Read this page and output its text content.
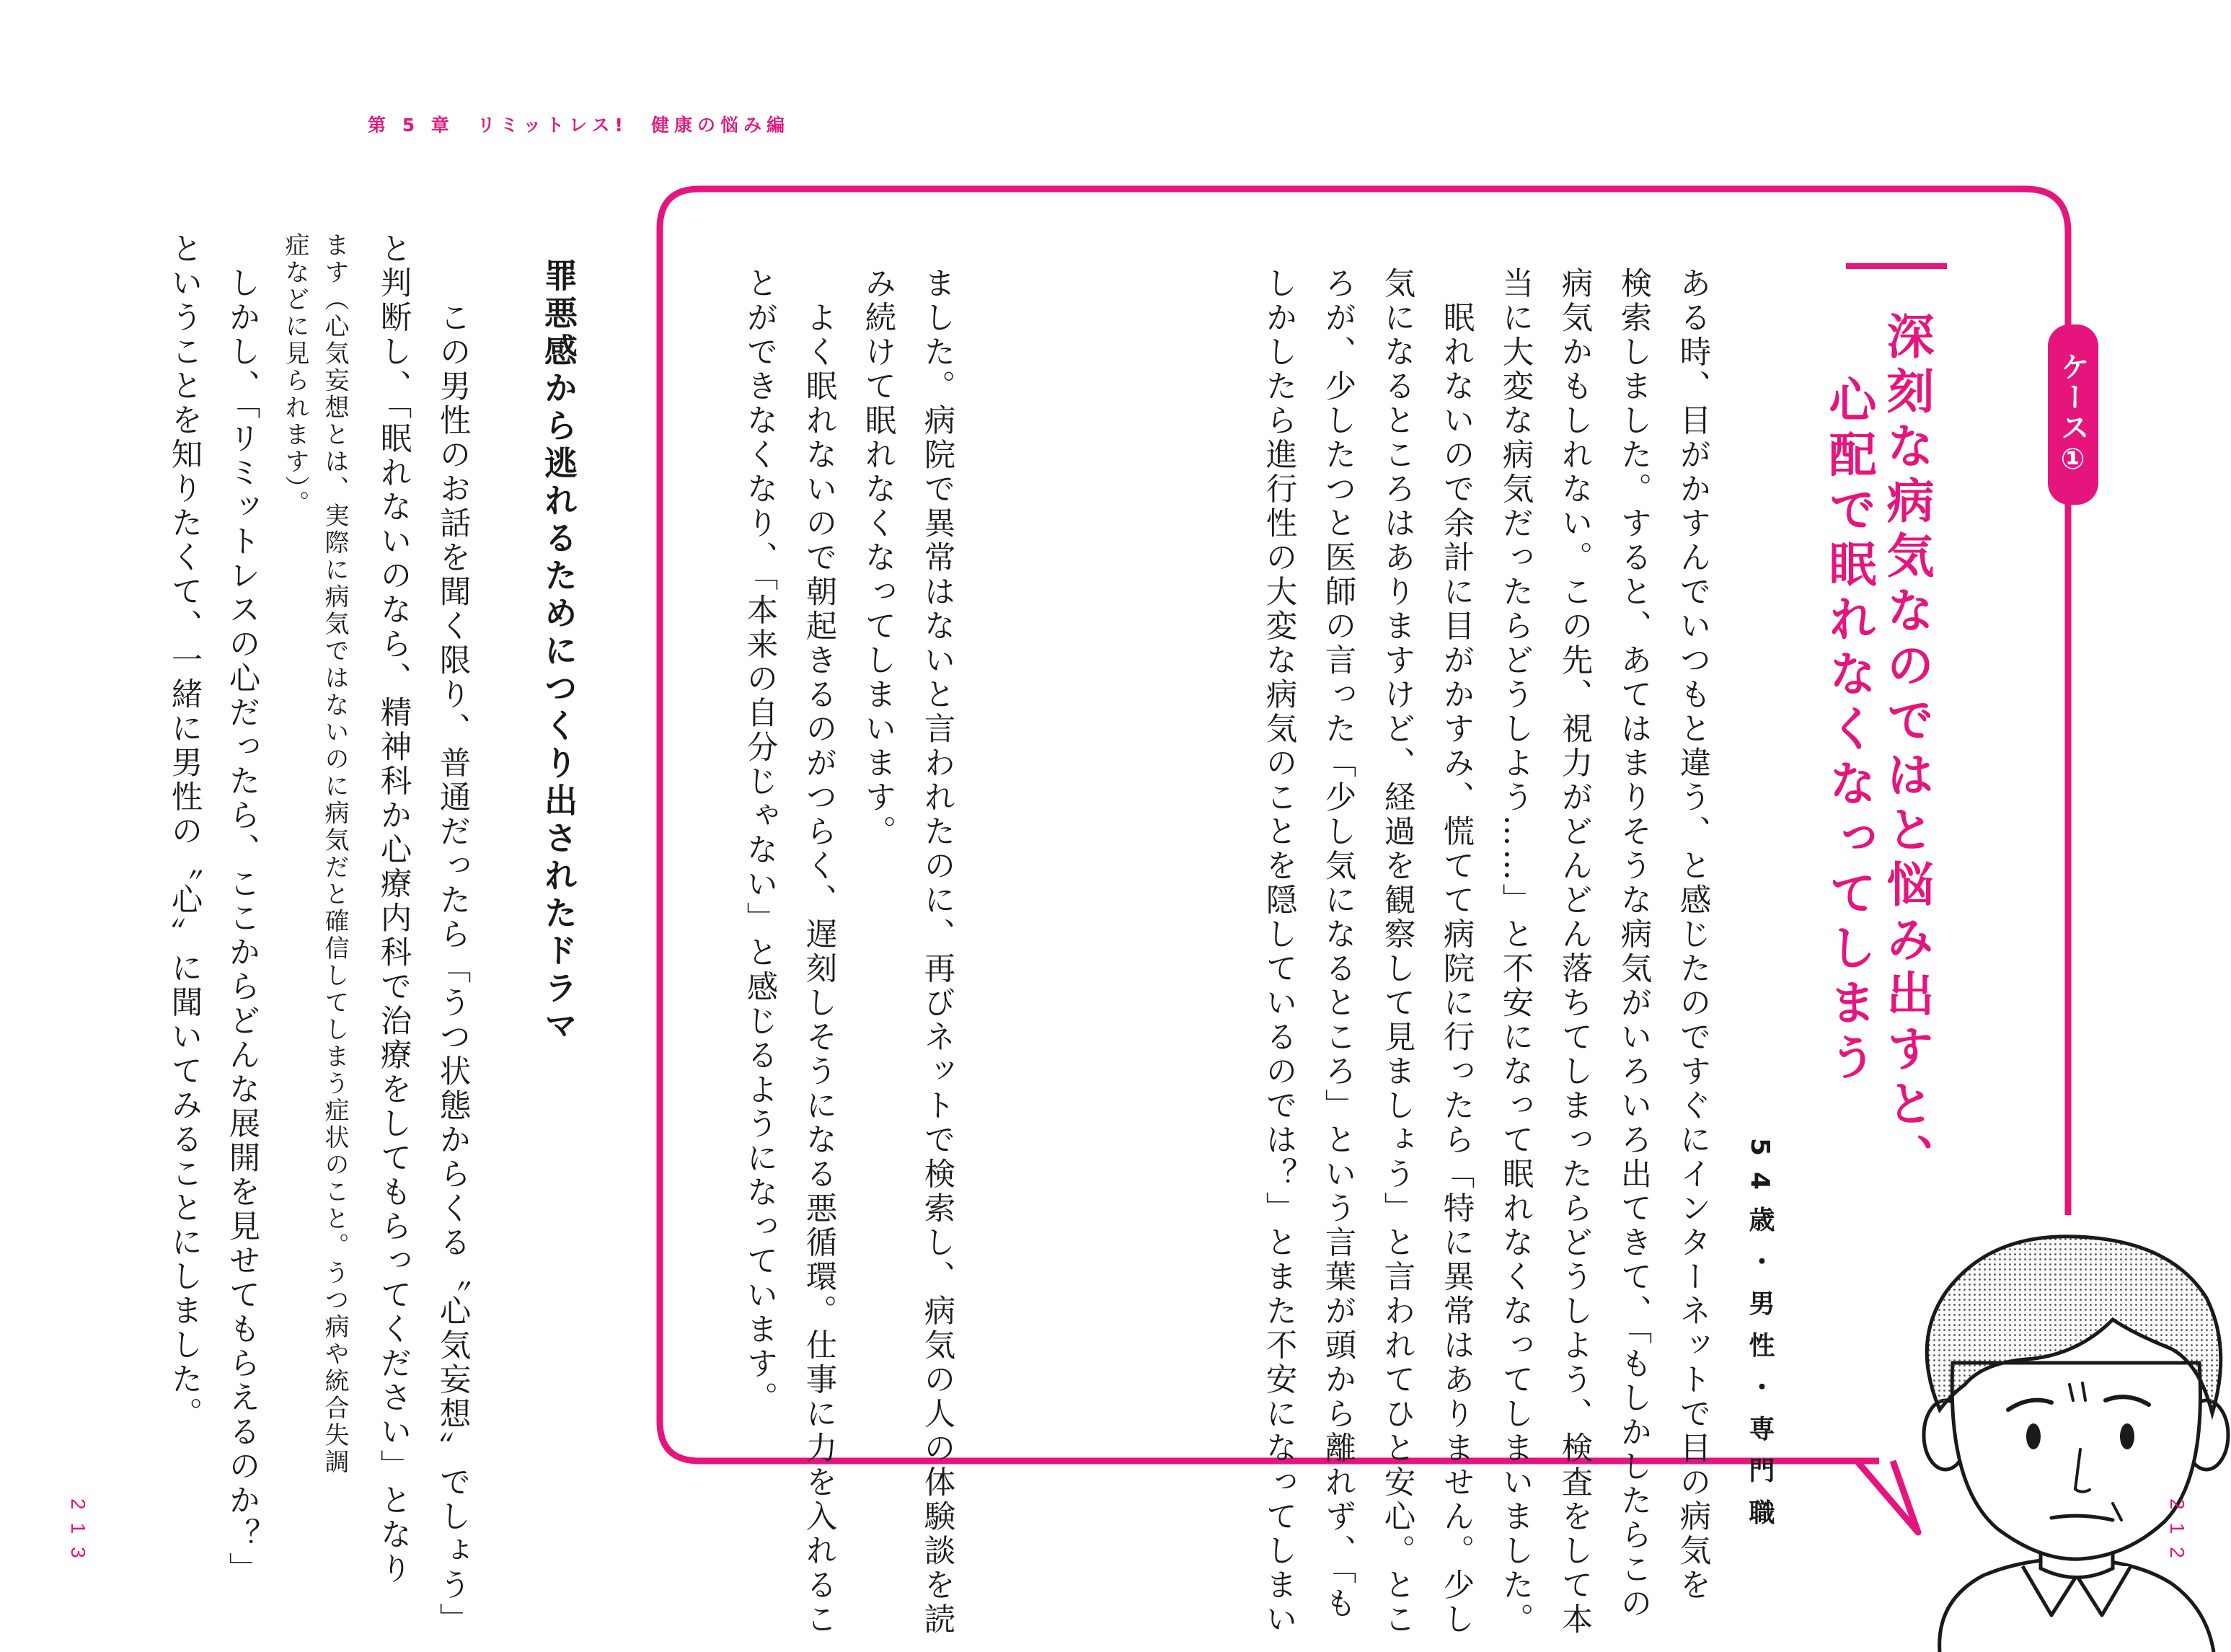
第 5 章　リミットレス!　健康の悩み編
ケース①
深刻な病気なのではと悩み出すと、
心配で眠れなくなってしまう
54歳・男性・専門職
ある時、目がかすんでいつもと違う、と感じたのですぐにインターネットで目の病気を
検索しました。すると、あてはまりそうな病気がいろいろ出てきて、「もしかしたらこの
病気かもしれない。この先、視力がどんどん落ちてしまったらどうしよう、検査をして本
当に大変な病気だったらどうしよう……」と不安になって眠れなくなってしまいました。
　眠れないので余計に目がかすみ、慌てて病院に行ったら「特に異常はありません。少し
気になるところはありますけど、経過を観察して見ましょう」と言われてひと安心。とこ
ろが、少したつと医師の言った「少し気になるところ」という言葉が頭から離れず、「も
しかしたら進行性の大変な病気のことを隠しているのでは？」とまた不安になってしまい
ました。病院で異常はないと言われたのに、再びネットで検索し、病気の人の体験談を読
み続けて眠れなくなってしまいます。
　よく眠れないので朝起きるのがつらく、遅刻しそうになる悪循環。仕事に力を入れるこ
とができなくなり、「本来の自分じゃない」と感じるようになっています。
罪悪感から逃れるためにつくり出されたドラマ
　この男性のお話を聞く限り、普通だったら「うつ状態からくる〝心気妄想〟でしょう」
と判断し、「眠れないのなら、精神科か心療内科で治療をしてもらってください」となり
ます（心気妄想とは、実際に病気ではないのに病気だと確信してしまう症状のこと。うつ病や統合失調
症などに見られます）。
　しかし、「リミットレスの心だったら、ここからどんな展開を見せてもらえるのか？」
ということを知りたくて、一緒に男性の〝心〟に聞いてみることにしました。
213	212
